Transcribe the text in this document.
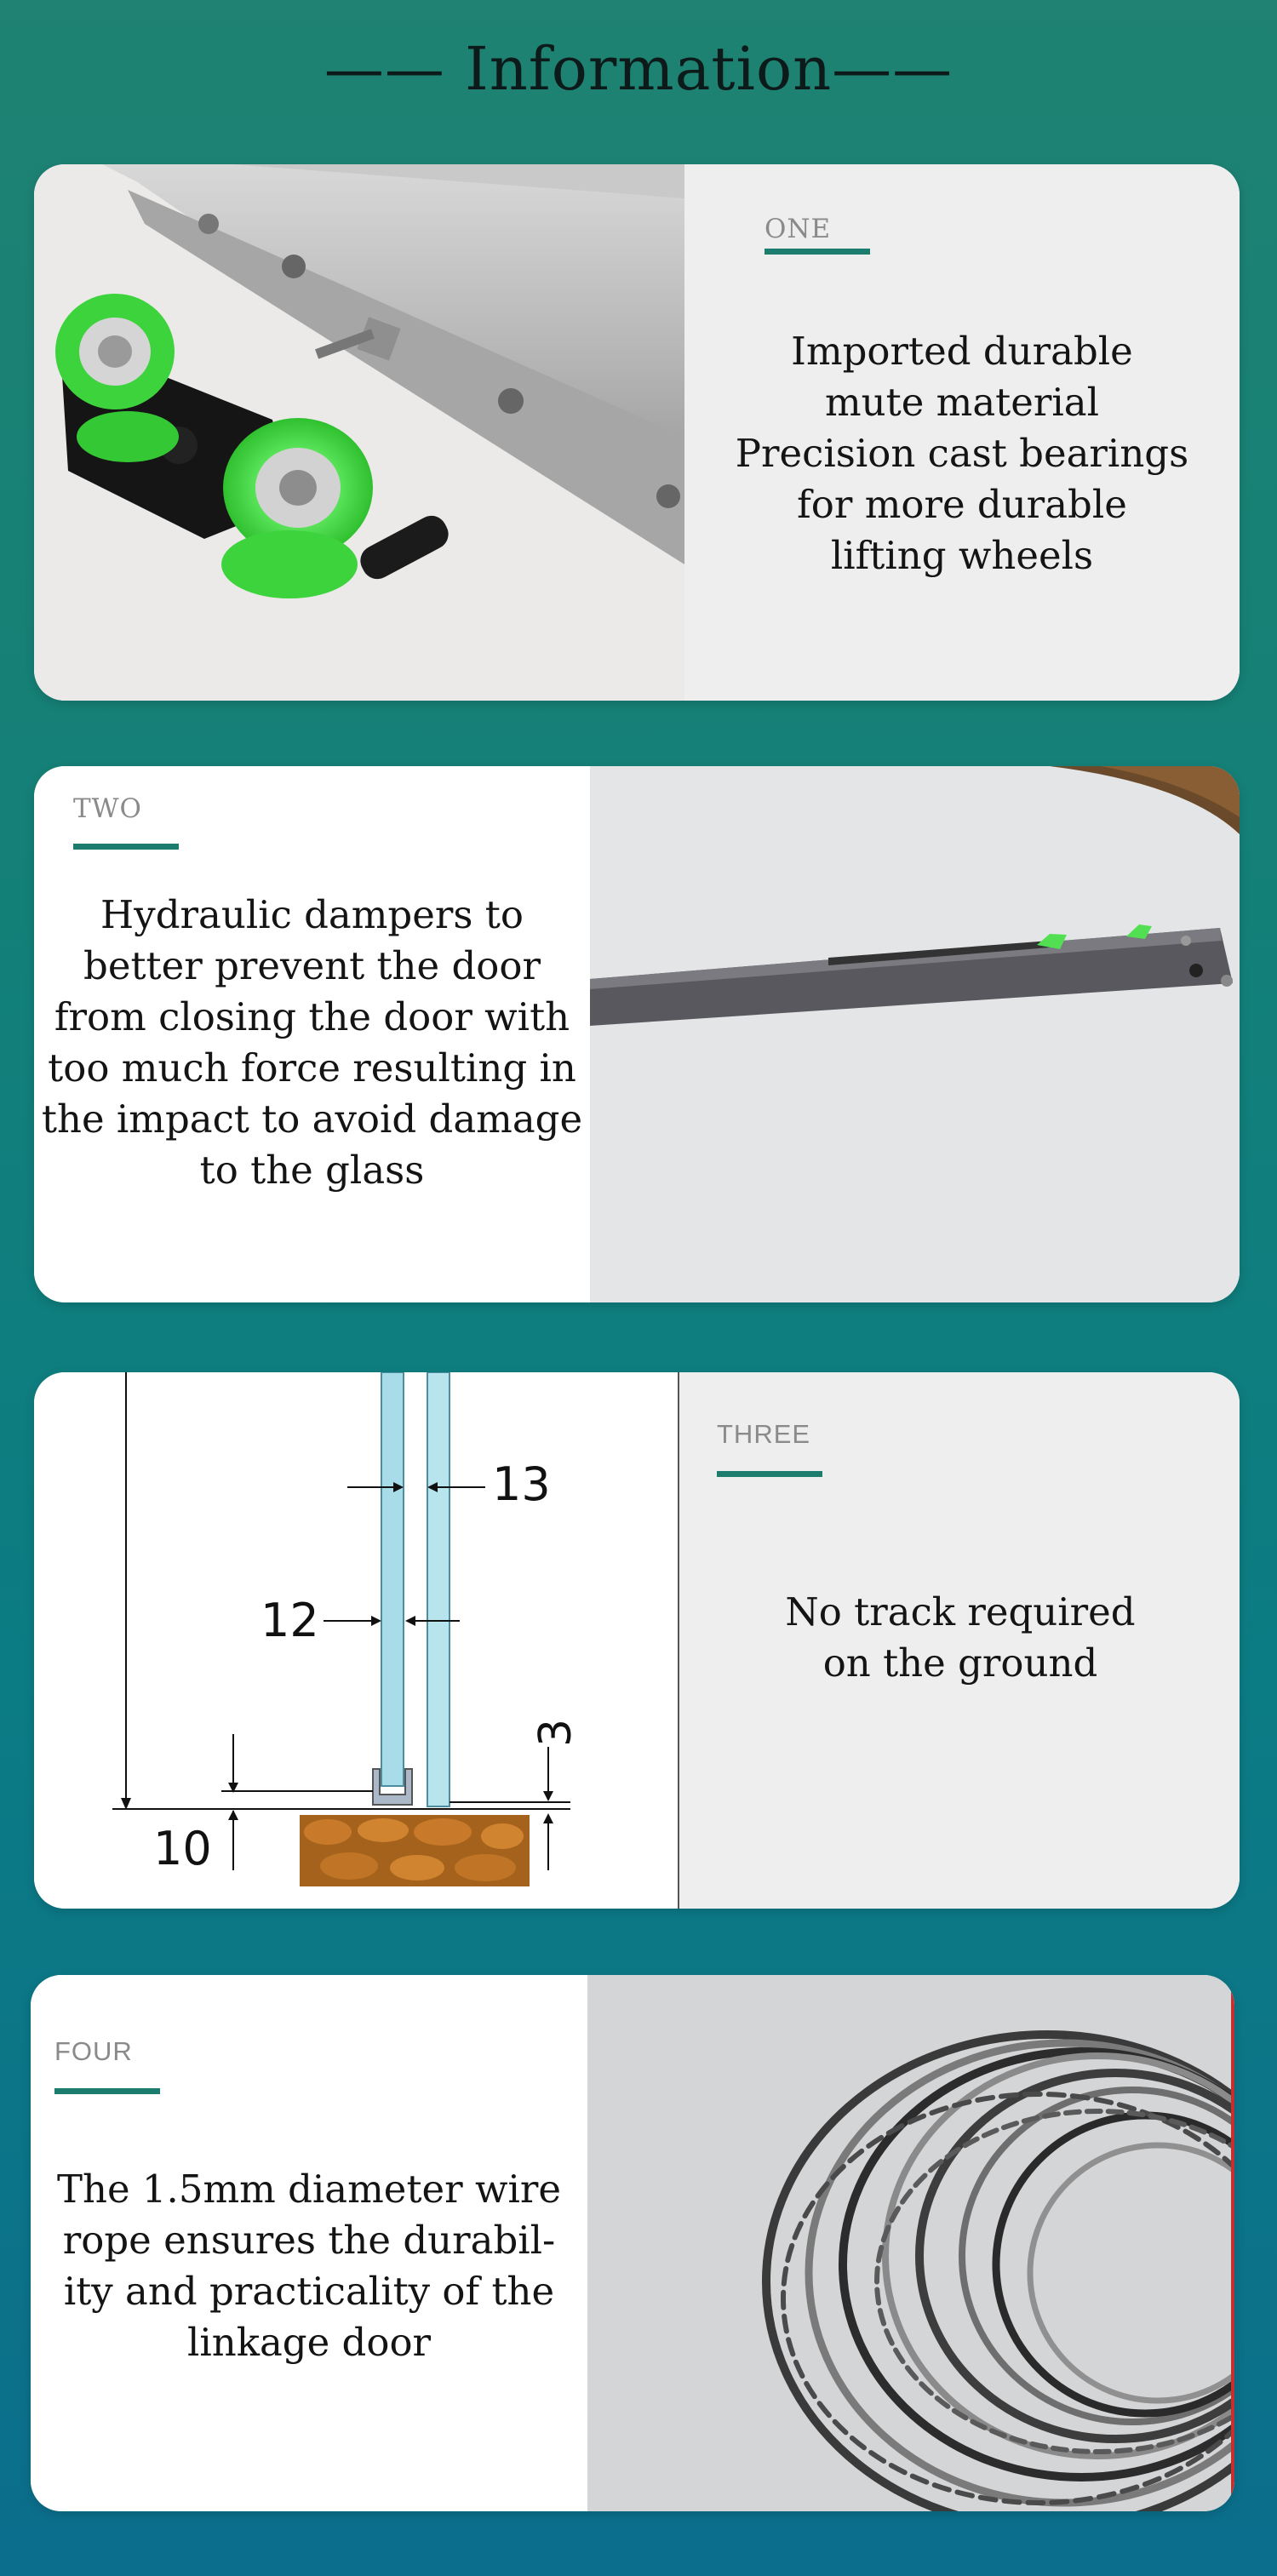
—— Information——
ONE
Imported durable
mute material
Precision cast bearings
for more durable
lifting wheels
TWO
Hydraulic dampers to
better prevent the door
from closing the door with
too much force resulting in
the impact to avoid damage
to the glass
13
12
10
3
THREE
No track required
on the ground
FOUR
The 1.5mm diameter wire
rope ensures the durabil-
ity and practicality of the
linkage door
